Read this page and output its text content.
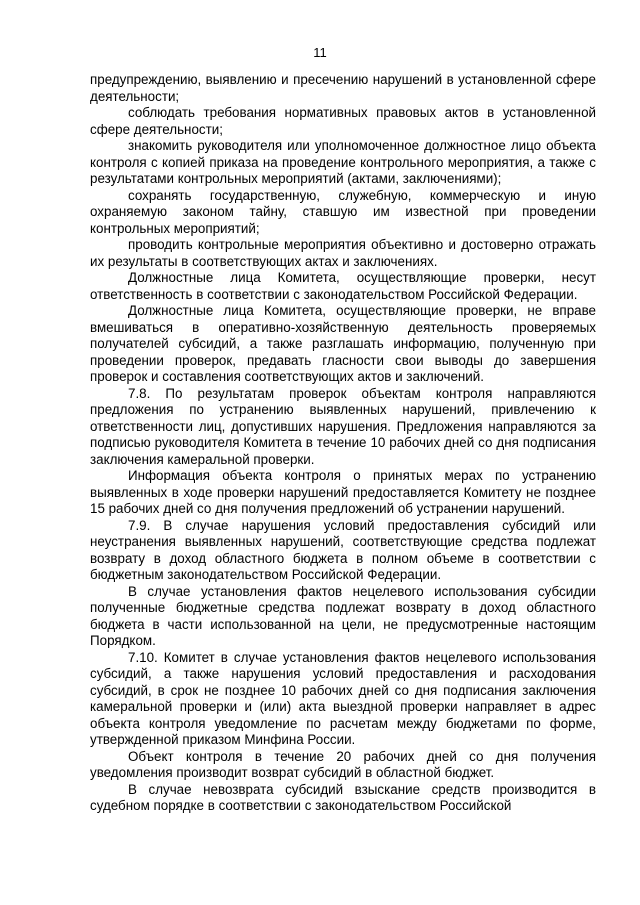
11

предупреждению, выявлению и пресечению нарушений в установленной сфере деятельности;

соблюдать требования нормативных правовых актов в установленной сфере деятельности;

знакомить руководителя или уполномоченное должностное лицо объекта контроля с копией приказа на проведение контрольного мероприятия, а также с результатами контрольных мероприятий (актами, заключениями);

сохранять государственную, служебную, коммерческую и иную охраняемую законом тайну, ставшую им известной при проведении контрольных мероприятий;

проводить контрольные мероприятия объективно и достоверно отражать их результаты в соответствующих актах и заключениях.

Должностные лица Комитета, осуществляющие проверки, несут ответственность в соответствии с законодательством Российской Федерации.

Должностные лица Комитета, осуществляющие проверки, не вправе вмешиваться в оперативно-хозяйственную деятельность проверяемых получателей субсидий, а также разглашать информацию, полученную при проведении проверок, предавать гласности свои выводы до завершения проверок и составления соответствующих актов и заключений.

7.8. По результатам проверок объектам контроля направляются предложения по устранению выявленных нарушений, привлечению к ответственности лиц, допустивших нарушения. Предложения направляются за подписью руководителя Комитета в течение 10 рабочих дней со дня подписания заключения камеральной проверки.

Информация объекта контроля о принятых мерах по устранению выявленных в ходе проверки нарушений предоставляется Комитету не позднее 15 рабочих дней со дня получения предложений об устранении нарушений.

7.9. В случае нарушения условий предоставления субсидий или неустранения выявленных нарушений, соответствующие средства подлежат возврату в доход областного бюджета в полном объеме в соответствии с бюджетным законодательством Российской Федерации.

В случае установления фактов нецелевого использования субсидии полученные бюджетные средства подлежат возврату в доход областного бюджета в части использованной на цели, не предусмотренные настоящим Порядком.

7.10. Комитет в случае установления фактов нецелевого использования субсидий, а также нарушения условий предоставления и расходования субсидий, в срок не позднее 10 рабочих дней со дня подписания заключения камеральной проверки и (или) акта выездной проверки направляет в адрес объекта контроля уведомление по расчетам между бюджетами по форме, утвержденной приказом Минфина России.

Объект контроля в течение 20 рабочих дней со дня получения уведомления производит возврат субсидий в областной бюджет.

В случае невозврата субсидий взыскание средств производится в судебном порядке в соответствии с законодательством Российской
